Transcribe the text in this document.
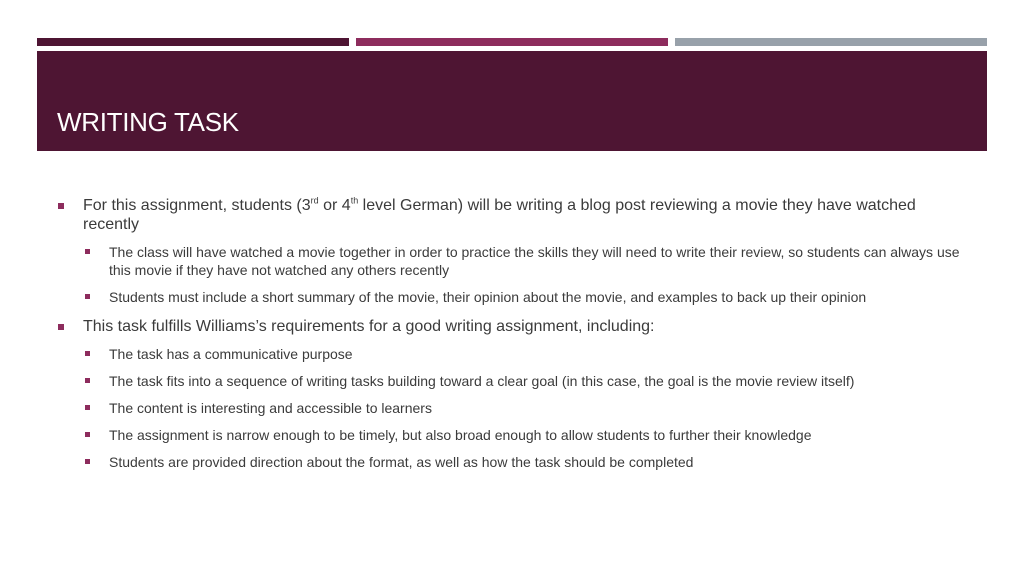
WRITING TASK
For this assignment, students (3rd or 4th level German) will be writing a blog post reviewing a movie they have watched recently
The class will have watched a movie together in order to practice the skills they will need to write their review, so students can always use this movie if they have not watched any others recently
Students must include a short summary of the movie, their opinion about the movie, and examples to back up their opinion
This task fulfills Williams’s requirements for a good writing assignment, including:
The task has a communicative purpose
The task fits into a sequence of writing tasks building toward a clear goal (in this case, the goal is the movie review itself)
The content is interesting and accessible to learners
The assignment is narrow enough to be timely, but also broad enough to allow students to further their knowledge
Students are provided direction about the format, as well as how the task should be completed
